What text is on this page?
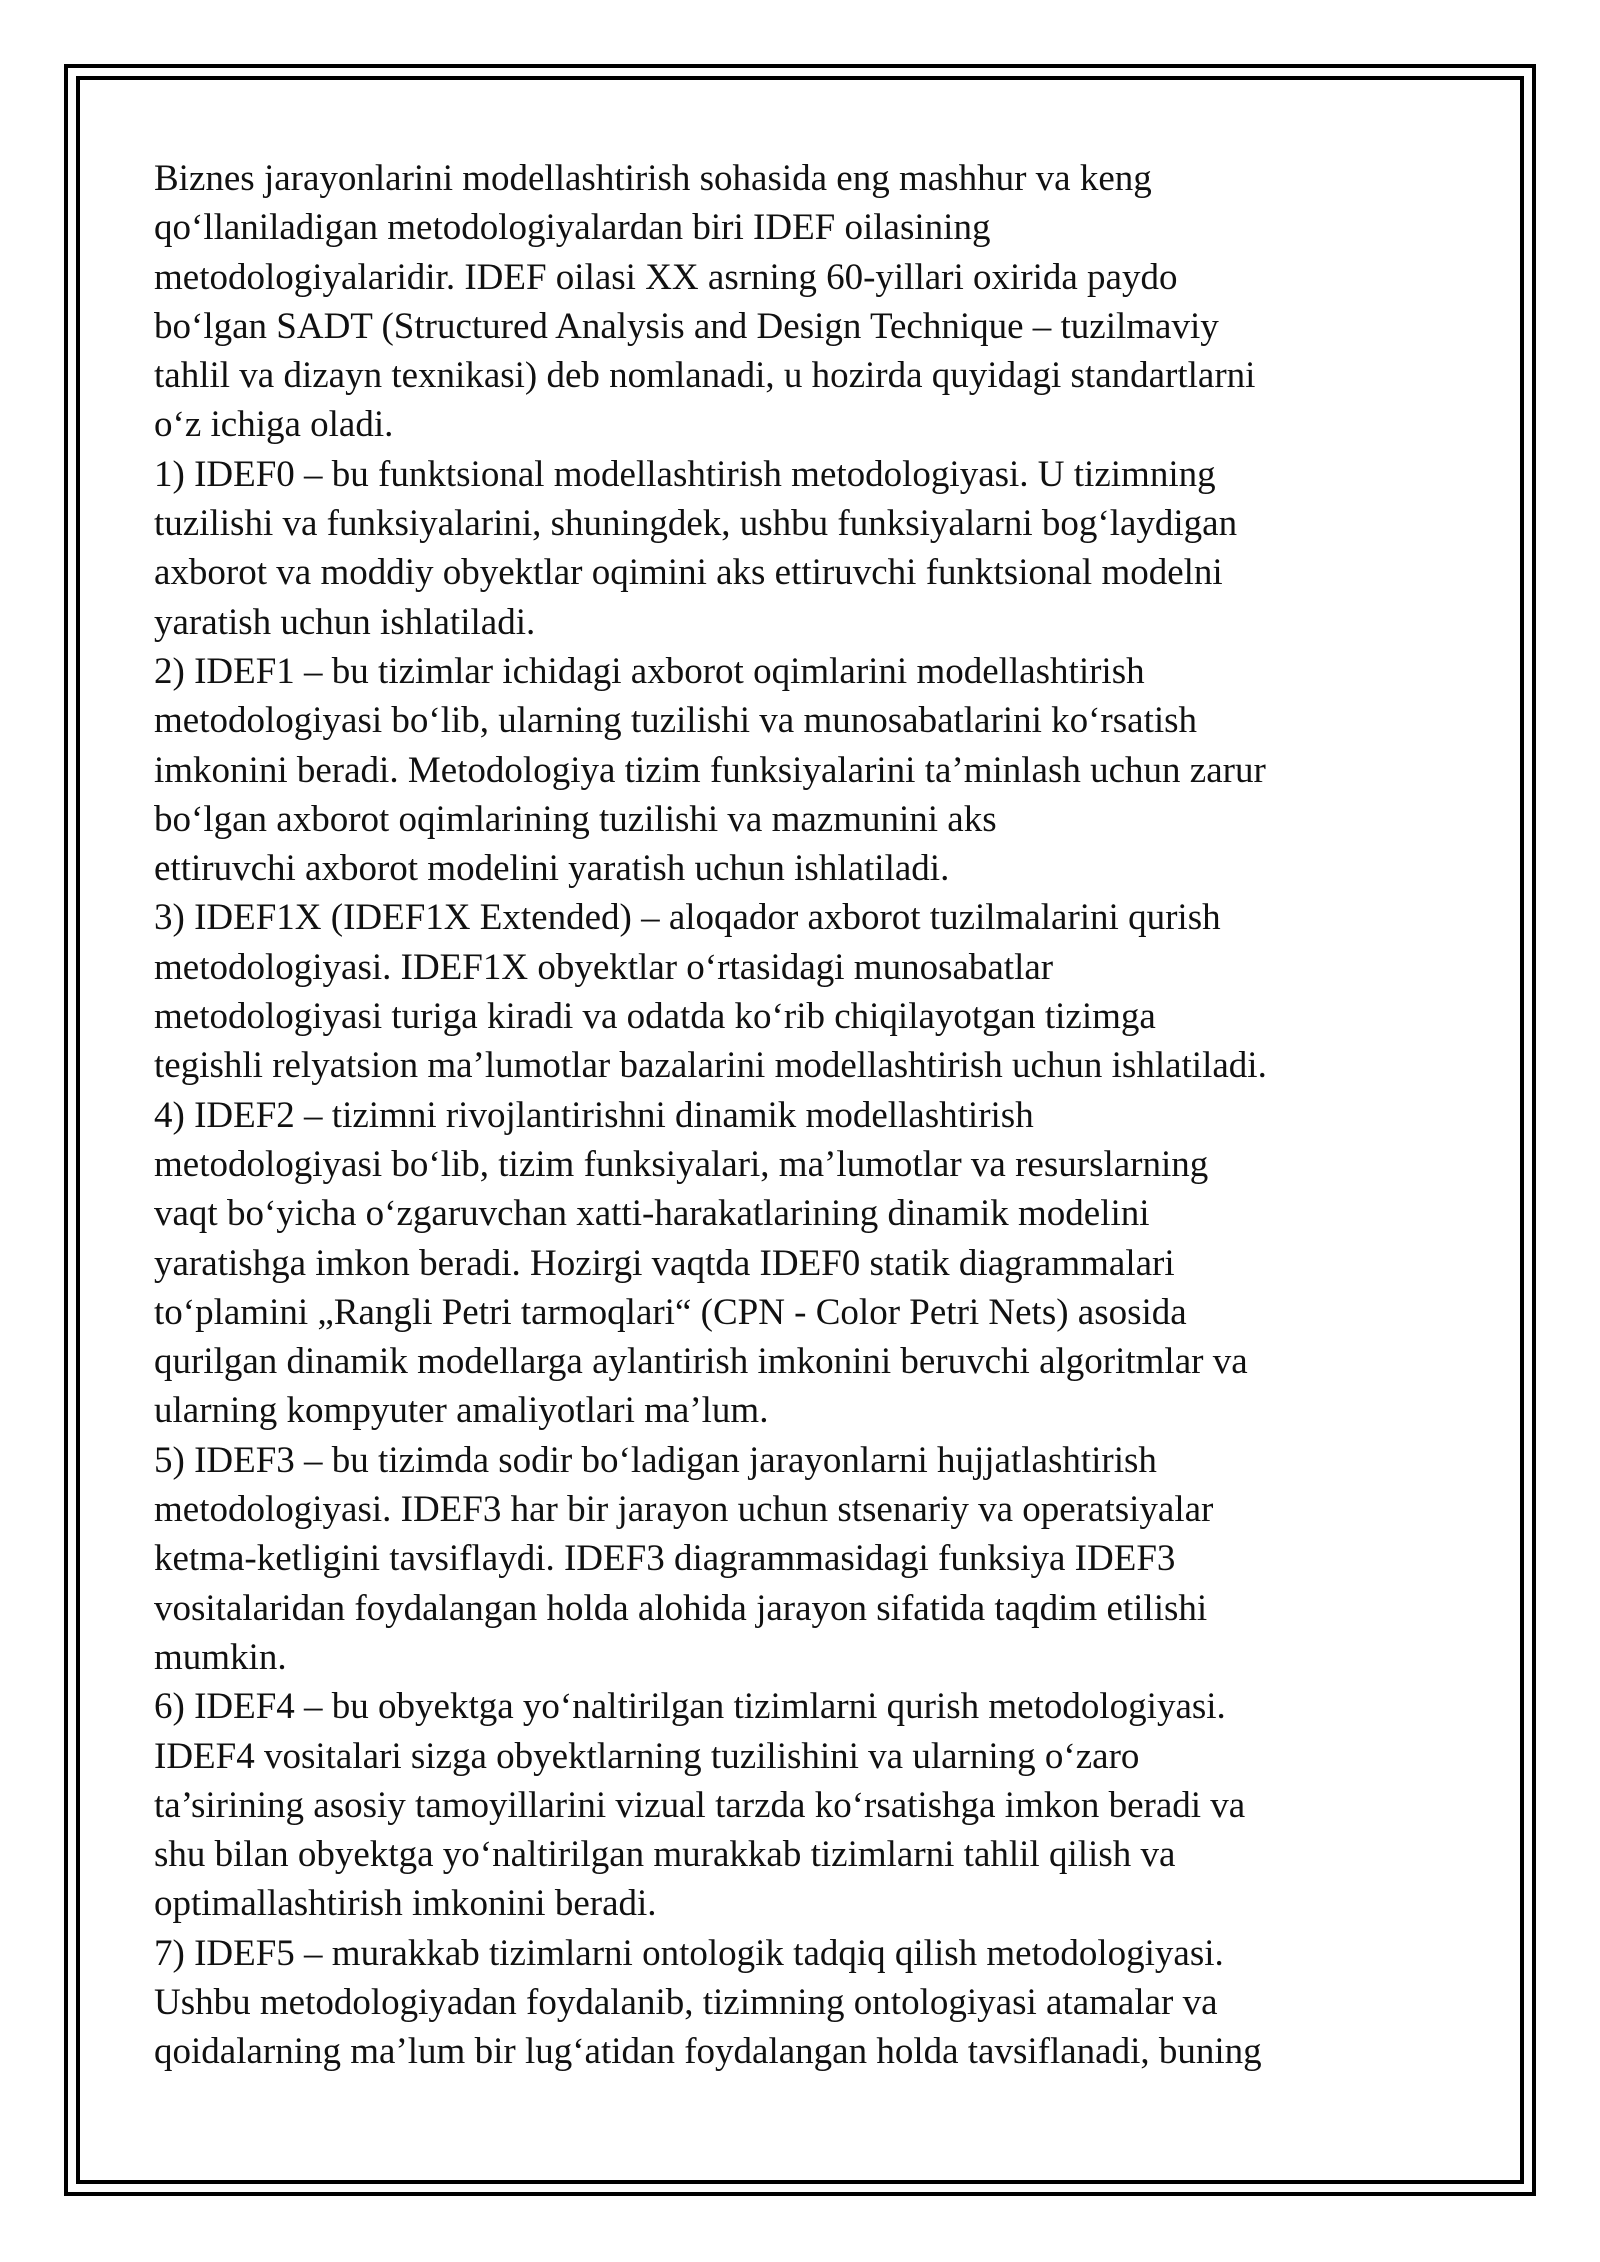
Biznes jarayonlarini modellashtirish sohasida eng mashhur va keng
qo‘llaniladigan metodologiyalardan biri IDEF oilasining
metodologiyalaridir. IDEF oilasi XX asrning 60-yillari oxirida paydo
bo‘lgan SADT (Structured Analysis and Design Technique – tuzilmaviy
tahlil va dizayn texnikasi) deb nomlanadi, u hozirda quyidagi standartlarni
o‘z ichiga oladi.
1) IDEF0 – bu funktsional modellashtirish metodologiyasi. U tizimning
tuzilishi va funksiyalarini, shuningdek, ushbu funksiyalarni bog‘laydigan
axborot va moddiy obyektlar oqimini aks ettiruvchi funktsional modelni
yaratish uchun ishlatiladi.
2) IDEF1 – bu tizimlar ichidagi axborot oqimlarini modellashtirish
metodologiyasi bo‘lib, ularning tuzilishi va munosabatlarini ko‘rsatish
imkonini beradi. Metodologiya tizim funksiyalarini ta’minlash uchun zarur
bo‘lgan axborot oqimlarining tuzilishi va mazmunini aks
ettiruvchi axborot modelini yaratish uchun ishlatiladi.
3) IDEF1X (IDEF1X Extended) – aloqador axborot tuzilmalarini qurish
metodologiyasi. IDEF1X obyektlar o‘rtasidagi munosabatlar
metodologiyasi turiga kiradi va odatda ko‘rib chiqilayotgan tizimga
tegishli relyatsion ma’lumotlar bazalarini modellashtirish uchun ishlatiladi.
4) IDEF2 – tizimni rivojlantirishni dinamik modellashtirish
metodologiyasi bo‘lib, tizim funksiyalari, ma’lumotlar va resurslarning
vaqt bo‘yicha o‘zgaruvchan xatti-harakatlarining dinamik modelini
yaratishga imkon beradi. Hozirgi vaqtda IDEF0 statik diagrammalari
to‘plamini „Rangli Petri tarmoqlari“ (CPN - Color Petri Nets) asosida
qurilgan dinamik modellarga aylantirish imkonini beruvchi algoritmlar va
ularning kompyuter amaliyotlari ma’lum.
5) IDEF3 – bu tizimda sodir bo‘ladigan jarayonlarni hujjatlashtirish
metodologiyasi. IDEF3 har bir jarayon uchun stsenariy va operatsiyalar
ketma-ketligini tavsiflaydi. IDEF3 diagrammasidagi funksiya IDEF3
vositalaridan foydalangan holda alohida jarayon sifatida taqdim etilishi
mumkin.
6) IDEF4 – bu obyektga yo‘naltirilgan tizimlarni qurish metodologiyasi.
IDEF4 vositalari sizga obyektlarning tuzilishini va ularning o‘zaro
ta’sirining asosiy tamoyillarini vizual tarzda ko‘rsatishga imkon beradi va
shu bilan obyektga yo‘naltirilgan murakkab tizimlarni tahlil qilish va
optimallashtirish imkonini beradi.
7) IDEF5 – murakkab tizimlarni ontologik tadqiq qilish metodologiyasi.
Ushbu metodologiyadan foydalanib, tizimning ontologiyasi atamalar va
qoidalarning ma’lum bir lug‘atidan foydalangan holda tavsiflanadi, buning
